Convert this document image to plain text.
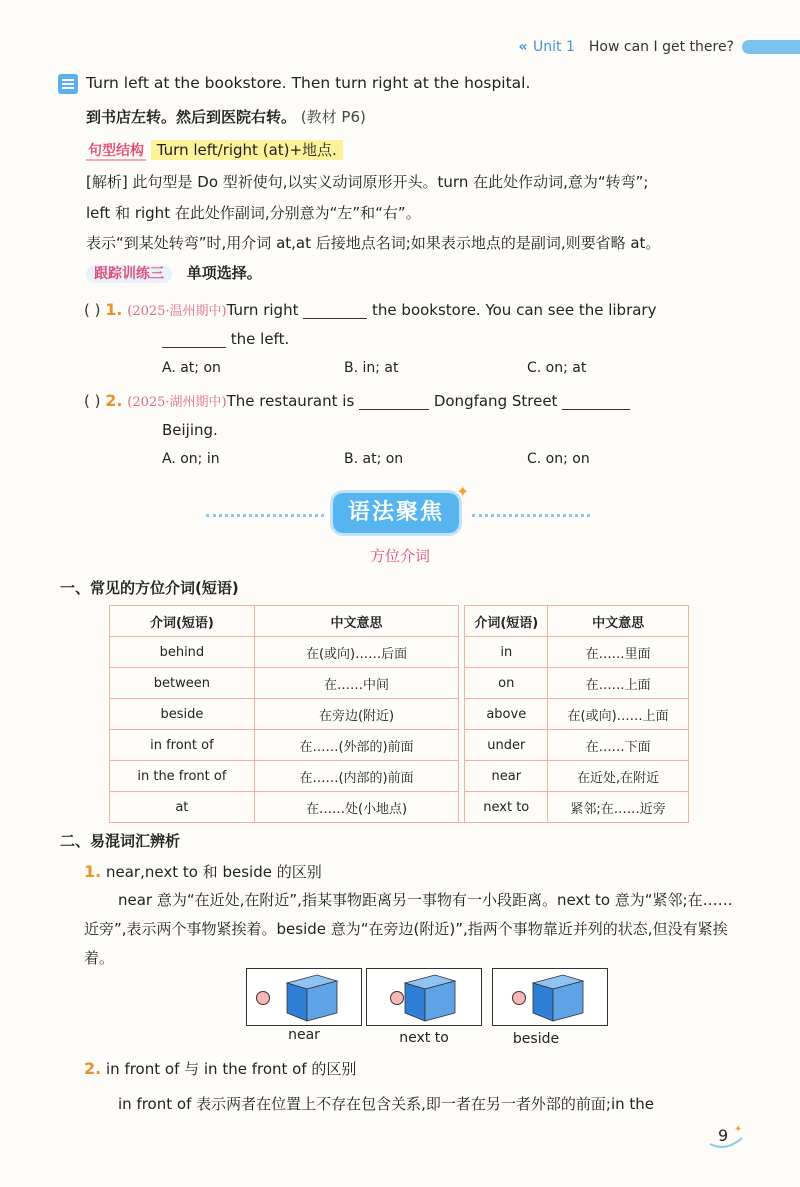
« Unit 1 How can I get there?
Turn left at the bookstore. Then turn right at the hospital.
到书店左转。然后到医院右转。 (教材 P6)
句型结构 Turn left/right (at)+地点.
[解析] 此句型是 Do 型祈使句,以实义动词原形开头。turn 在此处作动词,意为“转弯”;
left 和 right 在此处作副词,分别意为“左”和“右”。
表示“到某处转弯”时,用介词 at,at 后接地点名词;如果表示地点的是副词,则要省略 at。
跟踪训练三 单项选择。
( ) 1. (2025·温州期中)Turn right	the bookstore. You can see the library
the left.
A. at; on	B. in; at	C. on; at
( ) 2. (2025·湖州期中)The restaurant is	Dongfang Street
Beijing.
A. on; in	B. at; on	C. on; on
语法聚焦
✦
方位介词
一、常见的方位介词(短语)
介词(短语)	中文意思		介词(短语)	中文意思
behind	在(或向)……后面		in	在……里面
between	在……中间		on	在……上面
beside	在旁边(附近)		above	在(或向)……上面
in front of	在……(外部的)前面		under	在……下面
in the front of	在……(内部的)前面		near	在近处,在附近
at	在……处(小地点)		next to	紧邻;在……近旁
二、易混词汇辨析
1. near,next to 和 beside 的区别
near 意为“在近处,在附近”,指某事物距离另一事物有一小段距离。next to 意为“紧邻;在……近旁”,表示两个事物紧挨着。beside 意为“在旁边(附近)”,指两个事物靠近并列的状态,但没有紧挨着。
near	next to	beside
2. in front of 与 in the front of 的区别
in front of 表示两者在位置上不存在包含关系,即一者在另一者外部的前面;in the
✦
9
